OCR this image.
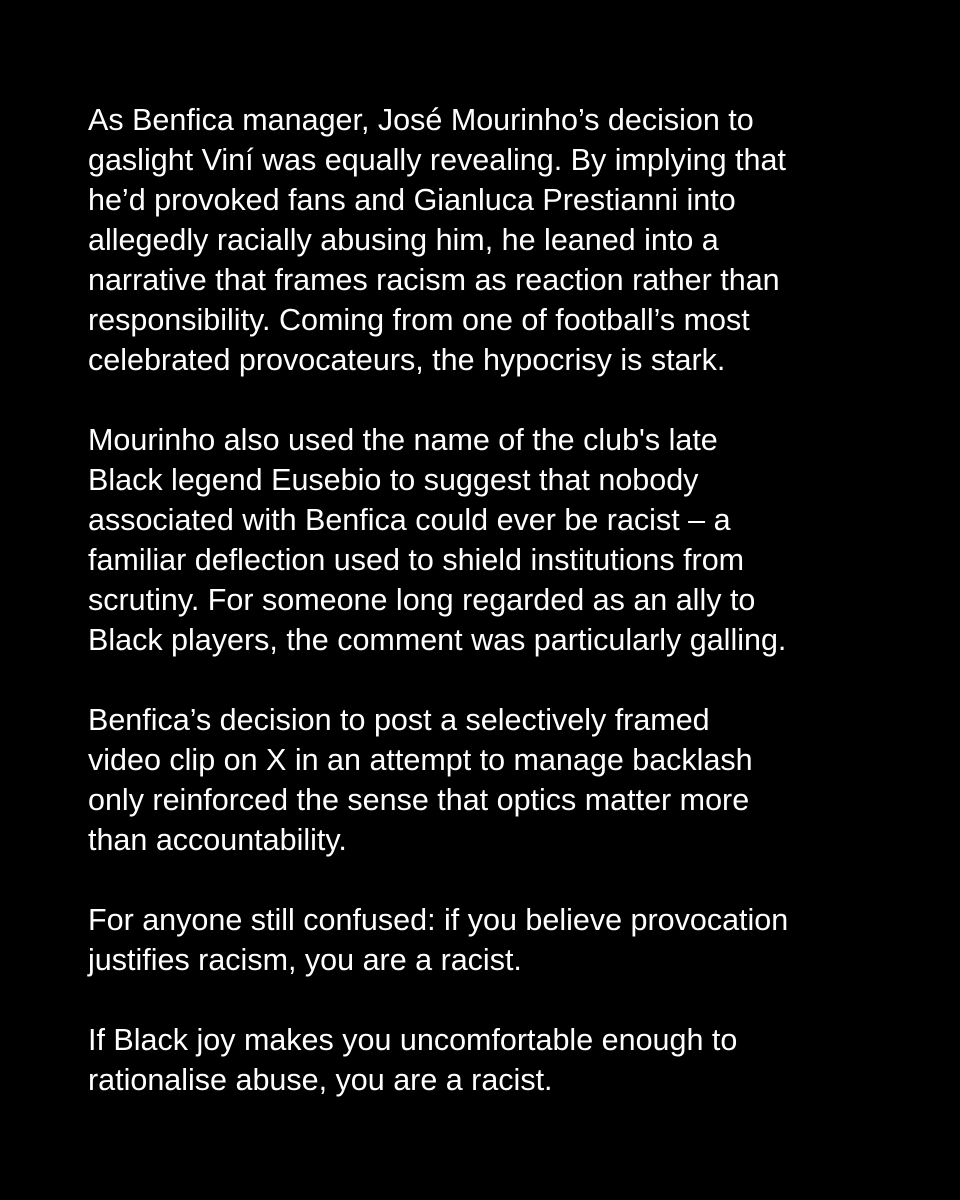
As Benfica manager, José Mourinho’s decision to
gaslight Viní was equally revealing. By implying that
he’d provoked fans and Gianluca Prestianni into
allegedly racially abusing him, he leaned into a
narrative that frames racism as reaction rather than
responsibility. Coming from one of football’s most
celebrated provocateurs, the hypocrisy is stark.

Mourinho also used the name of the club's late
Black legend Eusebio to suggest that nobody
associated with Benfica could ever be racist – a
familiar deflection used to shield institutions from
scrutiny. For someone long regarded as an ally to
Black players, the comment was particularly galling.

Benfica’s decision to post a selectively framed
video clip on X in an attempt to manage backlash
only reinforced the sense that optics matter more
than accountability.

For anyone still confused: if you believe provocation
justifies racism, you are a racist.

If Black joy makes you uncomfortable enough to
rationalise abuse, you are a racist.
